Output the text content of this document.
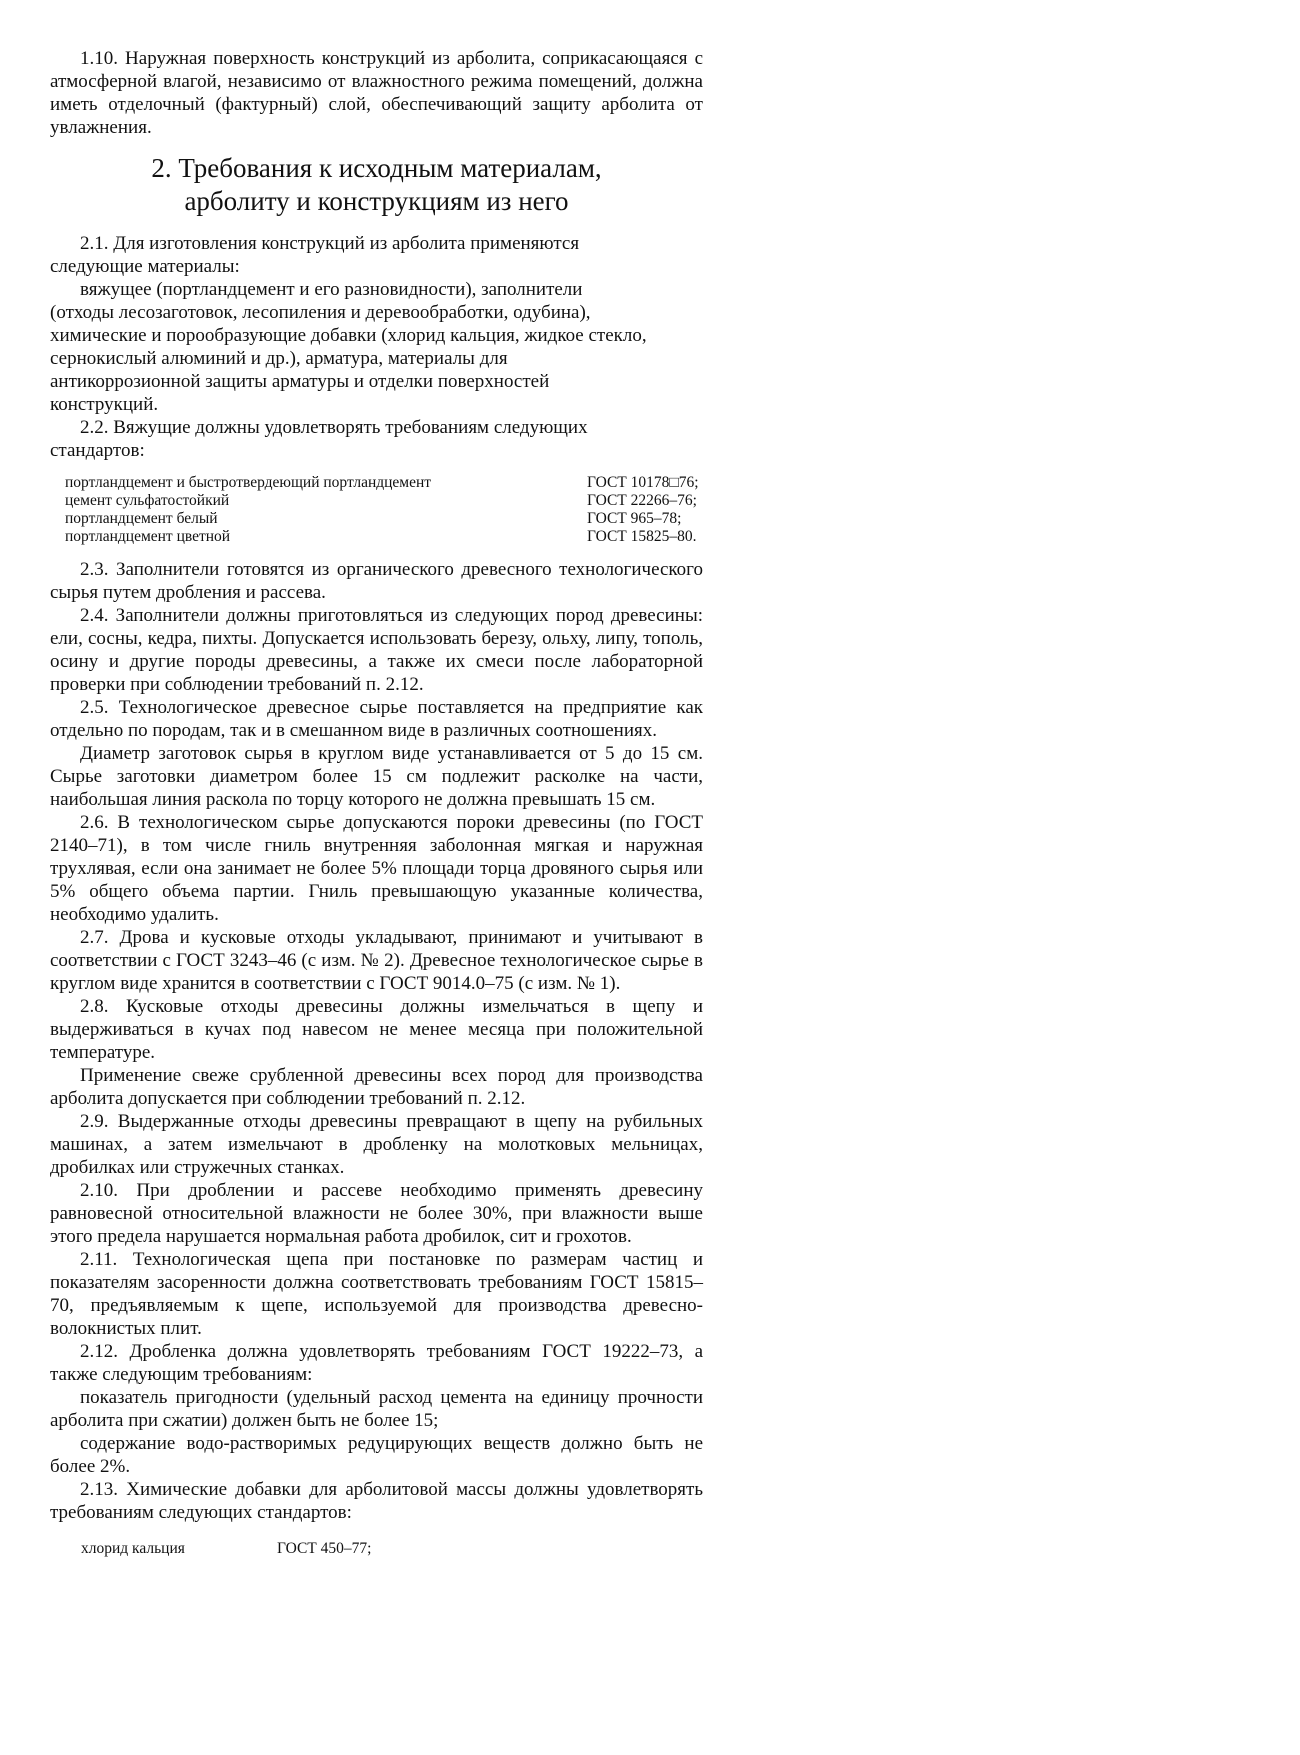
1.10. Наружная поверхность конструкций из арболита, соприкасающаяся с атмосферной влагой, независимо от влажностного режима помещений, должна иметь отделочный (фактурный) слой, обеспечивающий защиту арболита от увлажнения.

2. Требования к исходным материалам,
арболиту и конструкциям из него

2.1. Для изготовления конструкций из арболита применяются следующие материалы:

вяжущее (портландцемент и его разновидности), заполнители (отходы лесозаготовок, лесопиления и деревообработки, одубина), химические и порообразующие добавки (хлорид кальция, жидкое стекло, сернокислый алюминий и др.), арматура, материалы для антикоррозионной защиты арматуры и отделки поверхностей конструкций.

2.2. Вяжущие должны удовлетворять требованиям следующих стандартов:

портландцемент и быстротвердеющий портландцемент	ГОСТ 10178□76;
цемент сульфатостойкий	ГОСТ 22266–76;
портландцемент белый	ГОСТ 965–78;
портландцемент цветной	ГОСТ 15825–80.

2.3. Заполнители готовятся из органического древесного технологического сырья путем дробления и рассева.

2.4. Заполнители должны приготовляться из следующих пород древесины: ели, сосны, кедра, пихты. Допускается использовать березу, ольху, липу, тополь, осину и другие породы древесины, а также их смеси после лабораторной проверки при соблюдении требований п. 2.12.

2.5. Технологическое древесное сырье поставляется на предприятие как отдельно по породам, так и в смешанном виде в различных соотношениях.

Диаметр заготовок сырья в круглом виде устанавливается от 5 до 15 см. Сырье заготовки диаметром более 15 см подлежит расколке на части, наибольшая линия раскола по торцу которого не должна превышать 15 см.

2.6. В технологическом сырье допускаются пороки древесины (по ГОСТ 2140–71), в том числе гниль внутренняя заболонная мягкая и наружная трухлявая, если она занимает не более 5% площади торца дровяного сырья или 5% общего объема партии. Гниль превышающую указанные количества, необходимо удалить.

2.7. Дрова и кусковые отходы укладывают, принимают и учитывают в соответствии с ГОСТ 3243–46 (с изм. № 2). Древесное технологическое сырье в круглом виде хранится в соответствии с ГОСТ 9014.0–75 (с изм. № 1).

2.8. Кусковые отходы древесины должны измельчаться в щепу и выдерживаться в кучах под навесом не менее месяца при положительной температуре.

Применение свеже срубленной древесины всех пород для производства арболита допускается при соблюдении требований п. 2.12.

2.9. Выдержанные отходы древесины превращают в щепу на рубильных машинах, а затем измельчают в дробленку на молотковых мельницах, дробилках или стружечных станках.

2.10. При дроблении и рассеве необходимо применять древесину равновесной относительной влажности не более 30%, при влажности выше этого предела нарушается нормальная работа дробилок, сит и грохотов.

2.11. Технологическая щепа при постановке по размерам частиц и показателям засоренности должна соответствовать требованиям ГОСТ 15815–70, предъявляемым к щепе, используемой для производства древесно-волокнистых плит.

2.12. Дробленка должна удовлетворять требованиям ГОСТ 19222–73, а также следующим требованиям:

показатель пригодности (удельный расход цемента на единицу прочности арболита при сжатии) должен быть не более 15;

содержание водо-растворимых редуцирующих веществ должно быть не более 2%.

2.13. Химические добавки для арболитовой массы должны удовлетворять требованиям следующих стандартов:

хлорид кальция	ГОСТ 450–77;
